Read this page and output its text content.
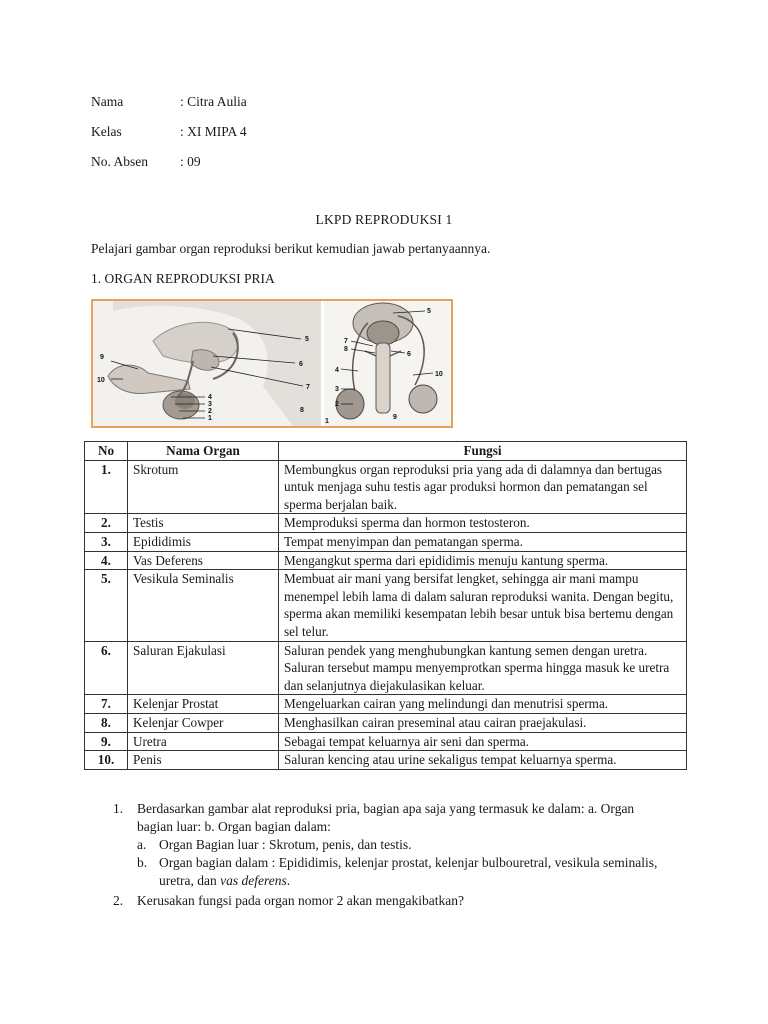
Nama	: Citra Aulia
Kelas	: XI MIPA 4
No. Absen : 09
LKPD REPRODUKSI 1
Pelajari gambar organ reproduksi berikut kemudian jawab pertanyaannya.
1. ORGAN REPRODUKSI PRIA
9
10
4
3
2
1
5
6
7
8
5
7
8
6
4
10
3
2
9
1
No	Nama Organ	Fungsi
1.	Skrotum	Membungkus organ reproduksi pria yang ada di dalamnya dan bertugas untuk menjaga suhu testis agar produksi hormon dan pematangan sel sperma berjalan baik.
2.	Testis	Memproduksi sperma dan hormon testosteron.
3.	Epididimis	Tempat menyimpan dan pematangan sperma.
4.	Vas Deferens	Mengangkut sperma dari epididimis menuju kantung sperma.
5.	Vesikula Seminalis	Membuat air mani yang bersifat lengket, sehingga air mani mampu menempel lebih lama di dalam saluran reproduksi wanita. Dengan begitu, sperma akan memiliki kesempatan lebih besar untuk bisa bertemu dengan sel telur.
6.	Saluran Ejakulasi	Saluran pendek yang menghubungkan kantung semen dengan uretra. Saluran tersebut mampu menyemprotkan sperma hingga masuk ke uretra dan selanjutnya diejakulasikan keluar.
7.	Kelenjar Prostat	Mengeluarkan cairan yang melindungi dan menutrisi sperma.
8.	Kelenjar Cowper	Menghasilkan cairan preseminal atau cairan praejakulasi.
9.	Uretra	Sebagai tempat keluarnya air seni dan sperma.
10.	Penis	Saluran kencing atau urine sekaligus tempat keluarnya sperma.
1. Berdasarkan gambar alat reproduksi pria, bagian apa saja yang termasuk ke dalam: a. Organ bagian luar: b. Organ bagian dalam:
a. Organ Bagian luar : Skrotum, penis, dan testis.
b. Organ bagian dalam : Epididimis, kelenjar prostat, kelenjar bulbouretral, vesikula seminalis, uretra, dan vas deferens.
2. Kerusakan fungsi pada organ nomor 2 akan mengakibatkan?
